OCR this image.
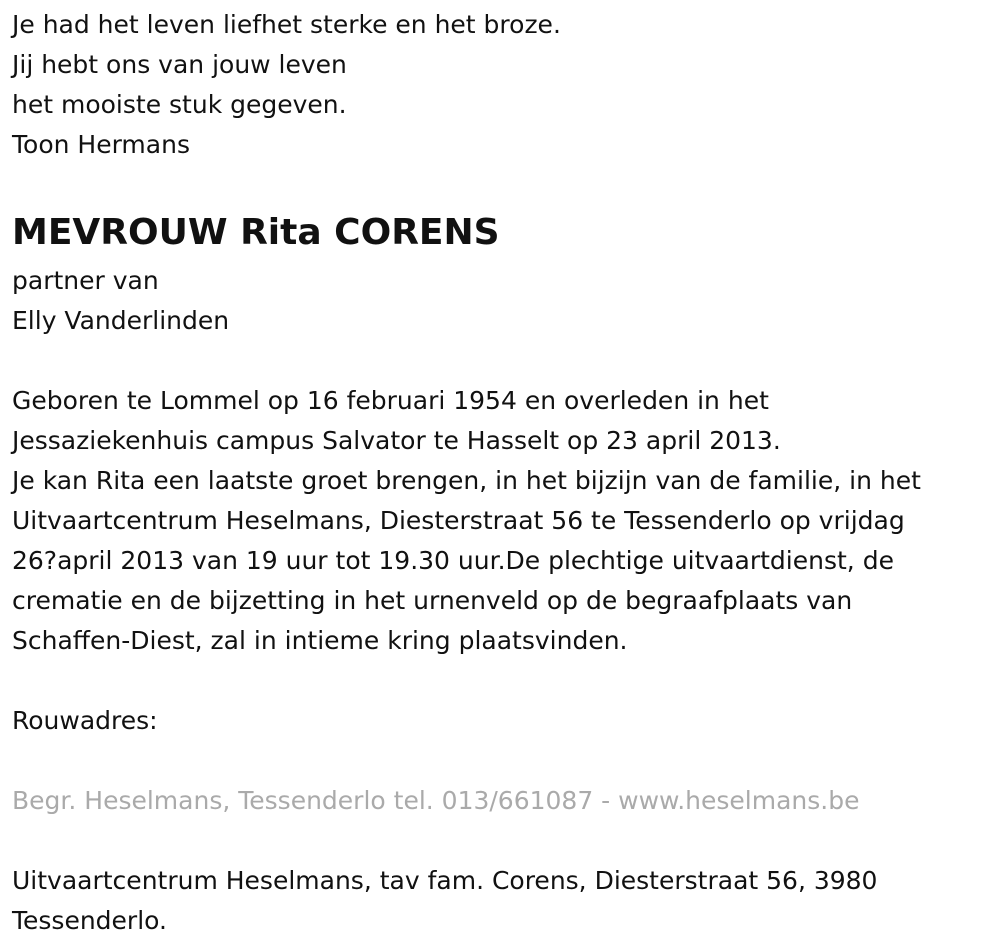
Je had het leven liefhet sterke en het broze.
Jij hebt ons van jouw leven
het mooiste stuk gegeven.
Toon Hermans
MEVROUW Rita CORENS
partner van
Elly Vanderlinden
Geboren te Lommel op 16 februari 1954 en overleden in het
Jessaziekenhuis campus Salvator te Hasselt op 23 april 2013.
Je kan Rita een laatste groet brengen, in het bijzijn van de familie, in het
Uitvaartcentrum Heselmans, Diesterstraat 56 te Tessenderlo op vrijdag
26?april 2013 van 19 uur tot 19.30 uur.De plechtige uitvaartdienst, de
crematie en de bijzetting in het urnenveld op de begraafplaats van
Schaffen-Diest, zal in intieme kring plaatsvinden.
Rouwadres:
Begr. Heselmans, Tessenderlo tel. 013/661087 - www.heselmans.be
Uitvaartcentrum Heselmans, tav fam. Corens, Diesterstraat 56, 3980
Tessenderlo.
